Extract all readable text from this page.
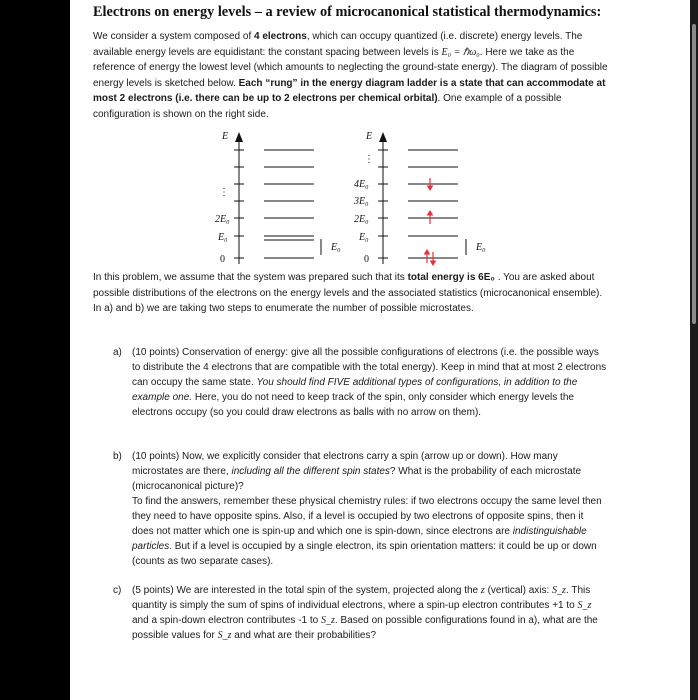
Electrons on energy levels – a review of microcanonical statistical thermodynamics:

We consider a system composed of 4 electrons, which can occupy quantized (i.e. discrete) energy levels. The available energy levels are equidistant: the constant spacing between levels is E₀ = ℏω₀. Here we take as the reference of energy the lowest level (which amounts to neglecting the ground-state energy). The diagram of possible energy levels is sketched below. Each “rung” in the energy diagram ladder is a state that can accommodate at most 2 electrons (i.e. there can be up to 2 electrons per chemical orbital). One example of a possible configuration is shown on the right side.

E
0
⋮
2E₀
E₀
E₀
E
0
⋮
4E₀
3E₀
2E₀
E₀
E₀

In this problem, we assume that the system was prepared such that its total energy is 6E₀ . You are asked about possible distributions of the electrons on the energy levels and the associated statistics (microcanonical ensemble). In a) and b) we are taking two steps to enumerate the number of possible microstates.

a) (10 points) Conservation of energy: give all the possible configurations of electrons (i.e. the possible ways to distribute the 4 electrons that are compatible with the total energy). Keep in mind that at most 2 electrons can occupy the same state. You should find FIVE additional types of configurations, in addition to the example one. Here, you do not need to keep track of the spin, only consider which energy levels the electrons occupy (so you could draw electrons as balls with no arrow on them).
b) (10 points) Now, we explicitly consider that electrons carry a spin (arrow up or down). How many microstates are there, including all the different spin states? What is the probability of each microstate (microcanonical picture)?
To find the answers, remember these physical chemistry rules: if two electrons occupy the same level then they need to have opposite spins. Also, if a level is occupied by two electrons of opposite spins, then it does not matter which one is spin-up and which one is spin-down, since electrons are indistinguishable particles. But if a level is occupied by a single electron, its spin orientation matters: it could be up or down (counts as two separate cases).
c) (5 points) We are interested in the total spin of the system, projected along the z (vertical) axis: S_z. This quantity is simply the sum of spins of individual electrons, where a spin-up electron contributes +1 to S_z and a spin-down electron contributes -1 to S_z. Based on possible configurations found in a), what are the possible values for S_z and what are their probabilities?
